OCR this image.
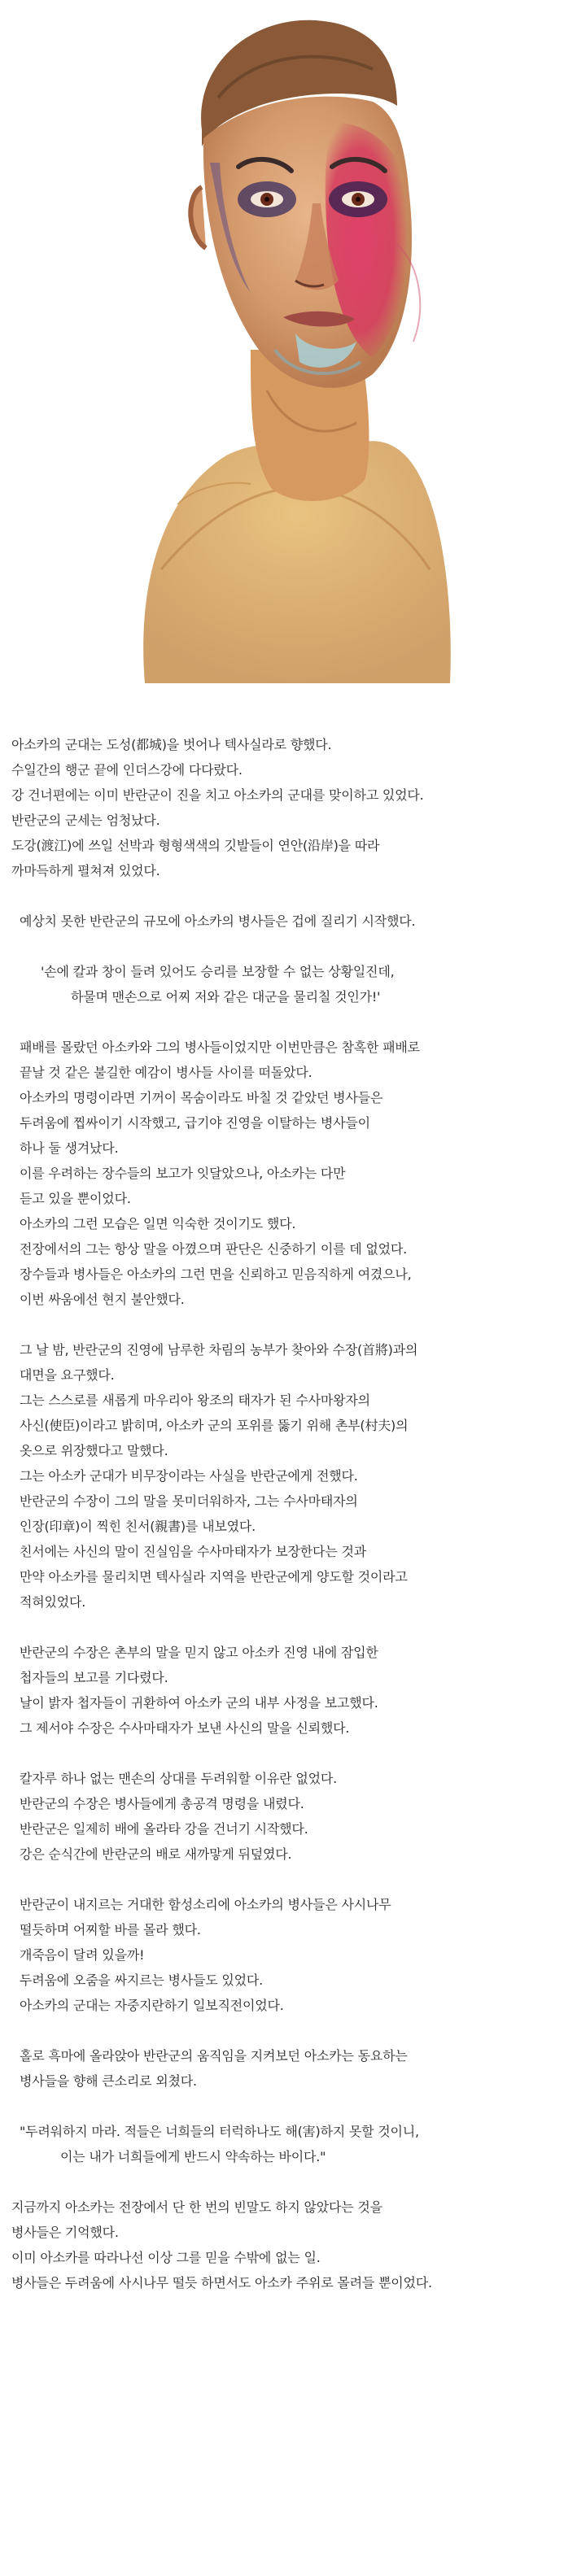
아소카의 군대는 도성(都城)을 벗어나 텍사실라로 향했다.
수일간의 행군 끝에 인더스강에 다다랐다.
강 건너편에는 이미 반란군이 진을 치고 아소카의 군대를 맞이하고 있었다.
반란군의 군세는 엄청났다.
도강(渡江)에 쓰일 선박과 형형색색의 깃발들이 연안(沿岸)을 따라
까마득하게 펼쳐져 있었다.
예상치 못한 반란군의 규모에 아소카의 병사들은 겁에 질리기 시작했다.
'손에 칼과 창이 들려 있어도 승리를 보장할 수 없는 상황일진데,
하물며 맨손으로 어찌 저와 같은 대군을 물리칠 것인가!'
패배를 몰랐던 아소카와 그의 병사들이었지만 이번만큼은 참혹한 패배로
끝날 것 같은 불길한 예감이 병사들 사이를 떠돌았다.
아소카의 명령이라면 기꺼이 목숨이라도 바칠 것 같았던 병사들은
두려움에 찝싸이기 시작했고, 급기야 진영을 이탈하는 병사들이
하나 둘 생겨났다.
이를 우려하는 장수들의 보고가 잇달았으나, 아소카는 다만
듣고 있을 뿐이었다.
아소카의 그런 모습은 일면 익숙한 것이기도 했다.
전장에서의 그는 항상 말을 아꼈으며 판단은 신중하기 이를 데 없었다.
장수들과 병사들은 아소카의 그런 면을 신뢰하고 믿음직하게 여겼으나,
이번 싸움에선 현지 불안했다.
그 날 밤, 반란군의 진영에 남루한 차림의 농부가 찾아와 수장(首將)과의
대면을 요구했다.
그는 스스로를 새롭게 마우리아 왕조의 태자가 된 수사마왕자의
사신(使臣)이라고 밝히며, 아소카 군의 포위를 뚫기 위해 촌부(村夫)의
옷으로 위장했다고 말했다.
그는 아소카 군대가 비무장이라는 사실을 반란군에게 전했다.
반란군의 수장이 그의 말을 못미더워하자, 그는 수사마태자의
인장(印章)이 찍힌 친서(親書)를 내보였다.
친서에는 사신의 말이 진실임을 수사마태자가 보장한다는 것과
만약 아소카를 물리치면 텍사실라 지역을 반란군에게 양도할 것이라고
적혀있었다.
반란군의 수장은 촌부의 말을 믿지 않고 아소카 진영 내에 잠입한
첩자들의 보고를 기다렸다.
날이 밝자 첩자들이 귀환하여 아소카 군의 내부 사정을 보고했다.
그 제서야 수장은 수사마태자가 보낸 사신의 말을 신뢰했다.
칼자루 하나 없는 맨손의 상대를 두려워할 이유란 없었다.
반란군의 수장은 병사들에게 총공격 명령을 내렸다.
반란군은 일제히 배에 올라타 강을 건너기 시작했다.
강은 순식간에 반란군의 배로 새까맣게 뒤덮였다.
반란군이 내지르는 거대한 함성소리에 아소카의 병사들은 사시나무
떨듯하며 어찌할 바를 몰라 했다.
개죽음이 달려 있을까!
두려움에 오줌을 싸지르는 병사들도 있었다.
아소카의 군대는 자중지란하기 일보직전이었다.
홀로 흑마에 올라앉아 반란군의 움직임을 지켜보던 아소카는 동요하는
병사들을 향해 큰소리로 외쳤다.
"두려워하지 마라. 적들은 너희들의 터럭하나도 해(害)하지 못할 것이니,
이는 내가 너희들에게 반드시 약속하는 바이다."
지금까지 아소카는 전장에서 단 한 번의 빈말도 하지 않았다는 것을
병사들은 기억했다.
이미 아소카를 따라나선 이상 그를 믿을 수밖에 없는 일.
병사들은 두려움에 사시나무 떨듯 하면서도 아소카 주위로 몰려들 뿐이었다.
